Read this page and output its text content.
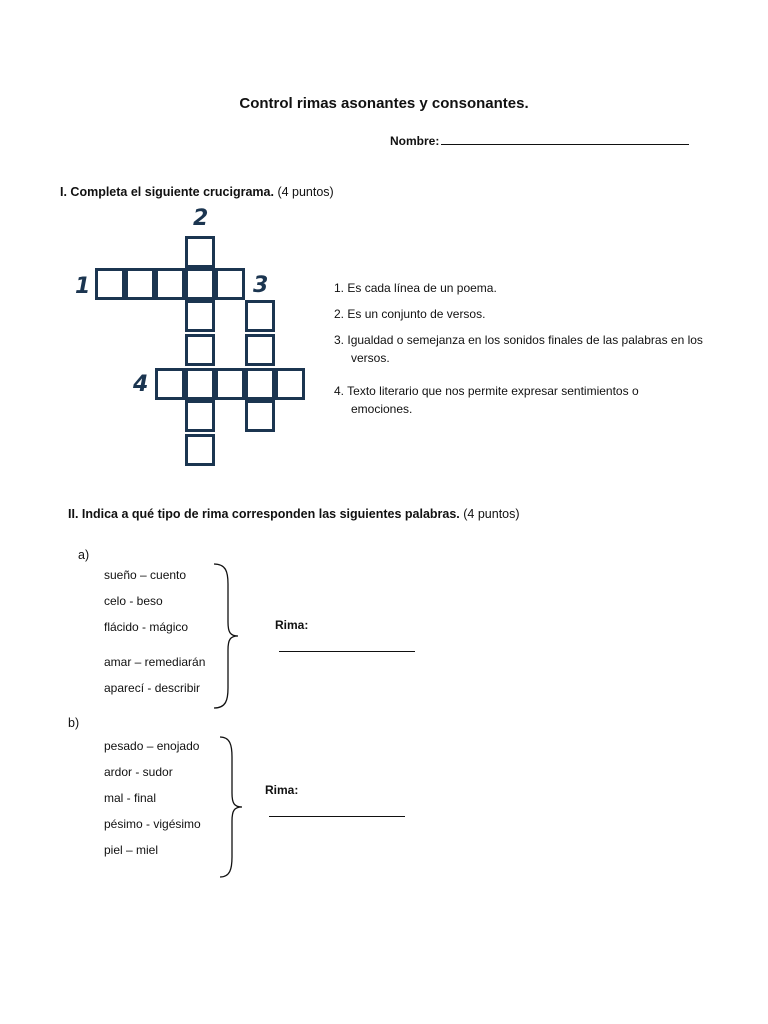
Control rimas asonantes y consonantes.
Nombre:
I. Completa el siguiente crucigrama. (4 puntos)
1
2
3
4
1. Es cada línea de un poema.
2. Es un conjunto de versos.
3. Igualdad o semejanza en los sonidos finales de las palabras en los versos.
4. Texto literario que nos permite expresar sentimientos o emociones.
II. Indica a qué tipo de rima corresponden las siguientes palabras. (4 puntos)
a)
sueño – cuento
celo - beso
flácido - mágico
amar – remediarán
aparecí - describir
Rima:
b)
pesado – enojado
ardor - sudor
mal - final
pésimo - vigésimo
piel – miel
Rima:
